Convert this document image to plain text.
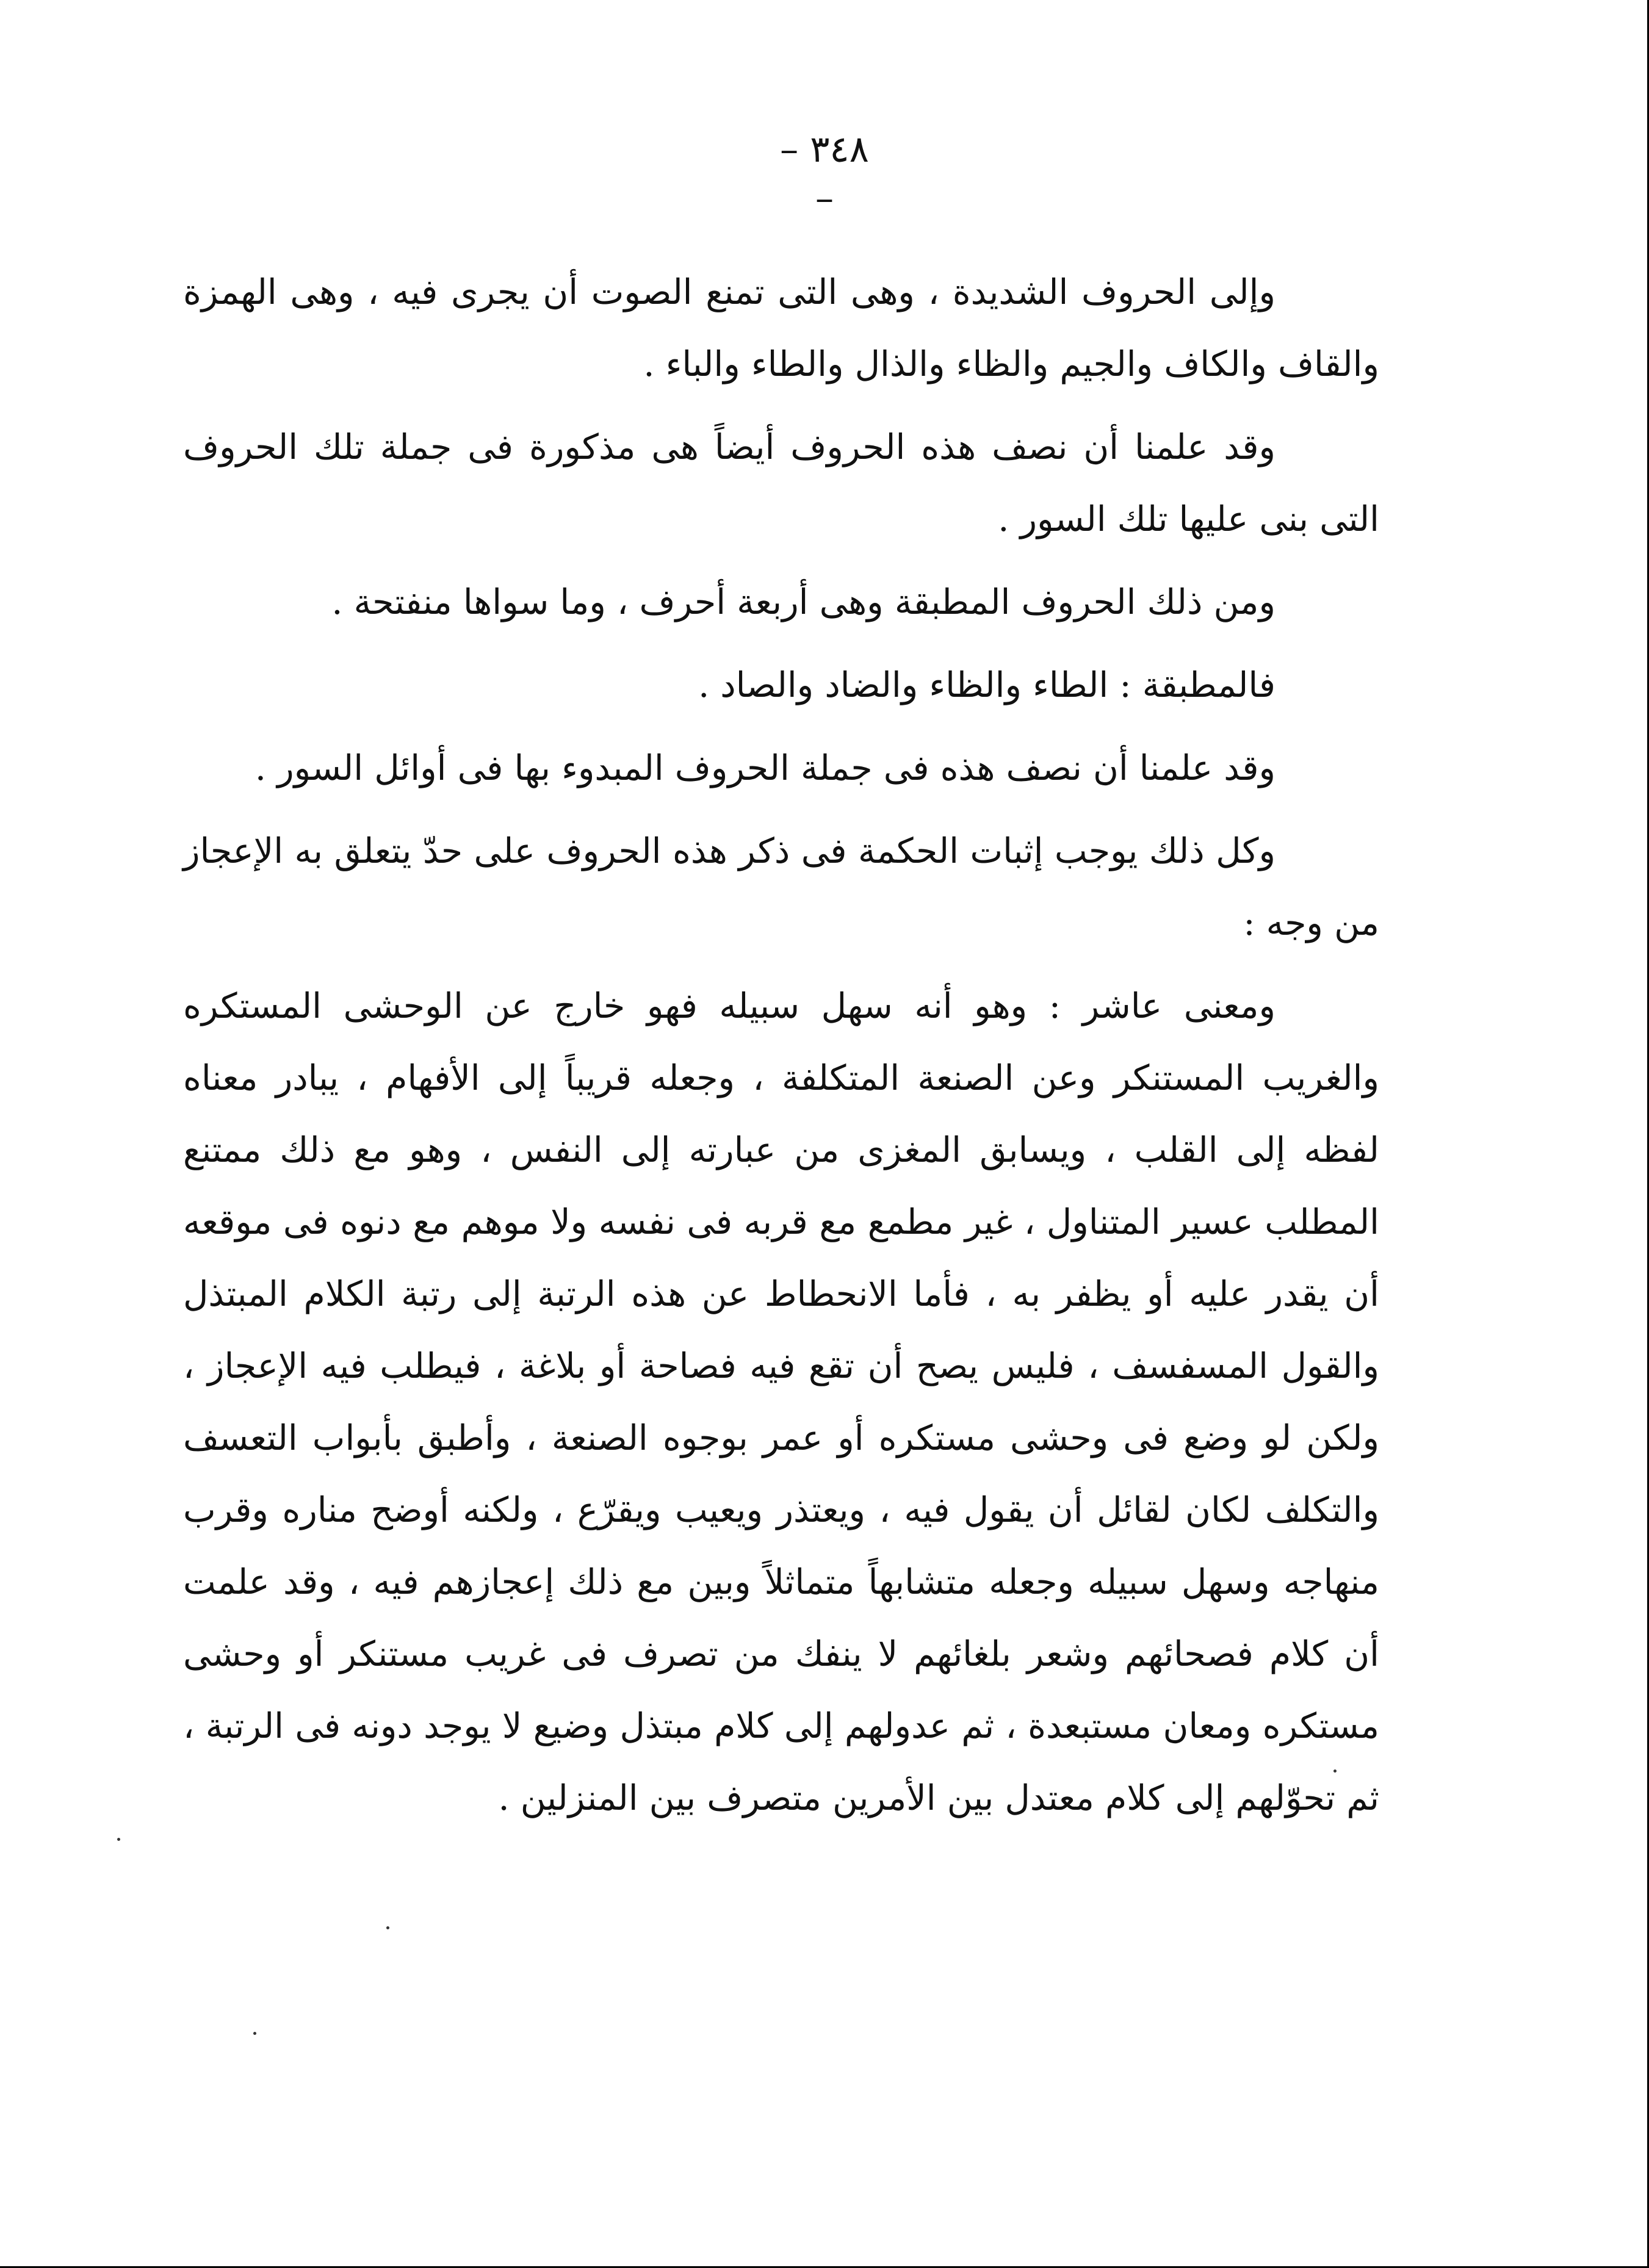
– ٣٤٨ –

وإلى الحروف الشديدة ، وهى التى تمنع الصوت أن يجرى فيه ، وهى الهمزة والقاف والكاف والجيم والظاء والذال والطاء والباء .

وقد علمنا أن نصف هذه الحروف أيضاً هى مذكورة فى جملة تلك الحروف التى بنى عليها تلك السور .

ومن ذلك الحروف المطبقة وهى أربعة أحرف ، وما سواها منفتحة .

فالمطبقة : الطاء والظاء والضاد والصاد .

وقد علمنا أن نصف هذه فى جملة الحروف المبدوء بها فى أوائل السور .

وكل ذلك يوجب إثبات الحكمة فى ذكر هذه الحروف على حدّ يتعلق به الإعجاز من وجه :

ومعنى عاشر : وهو أنه سهل سبيله فهو خارج عن الوحشى المستكره والغريب المستنكر وعن الصنعة المتكلفة ، وجعله قريباً إلى الأفهام ، يبادر معناه لفظه إلى القلب ، ويسابق المغزى من عبارته إلى النفس ، وهو مع ذلك ممتنع المطلب عسير المتناول ، غير مطمع مع قربه فى نفسه ولا موهم مع دنوه فى موقعه أن يقدر عليه أو يظفر به ، فأما الانحطاط عن هذه الرتبة إلى رتبة الكلام المبتذل والقول المسفسف ، فليس يصح أن تقع فيه فصاحة أو بلاغة ، فيطلب فيه الإعجاز ، ولكن لو وضع فى وحشى مستكره أو عمر بوجوه الصنعة ، وأطبق بأبواب التعسف والتكلف لكان لقائل أن يقول فيه ، ويعتذر ويعيب ويقرّع ، ولكنه أوضح مناره وقرب منهاجه وسهل سبيله وجعله متشابهاً متماثلاً وبين مع ذلك إعجازهم فيه ، وقد علمت أن كلام فصحائهم وشعر بلغائهم لا ينفك من تصرف فى غريب مستنكر أو وحشى مستكره ومعان مستبعدة ، ثم عدولهم إلى كلام مبتذل وضيع لا يوجد دونه فى الرتبة ، ثم تحوّلهم إلى كلام معتدل بين الأمرين متصرف بين المنزلين .
